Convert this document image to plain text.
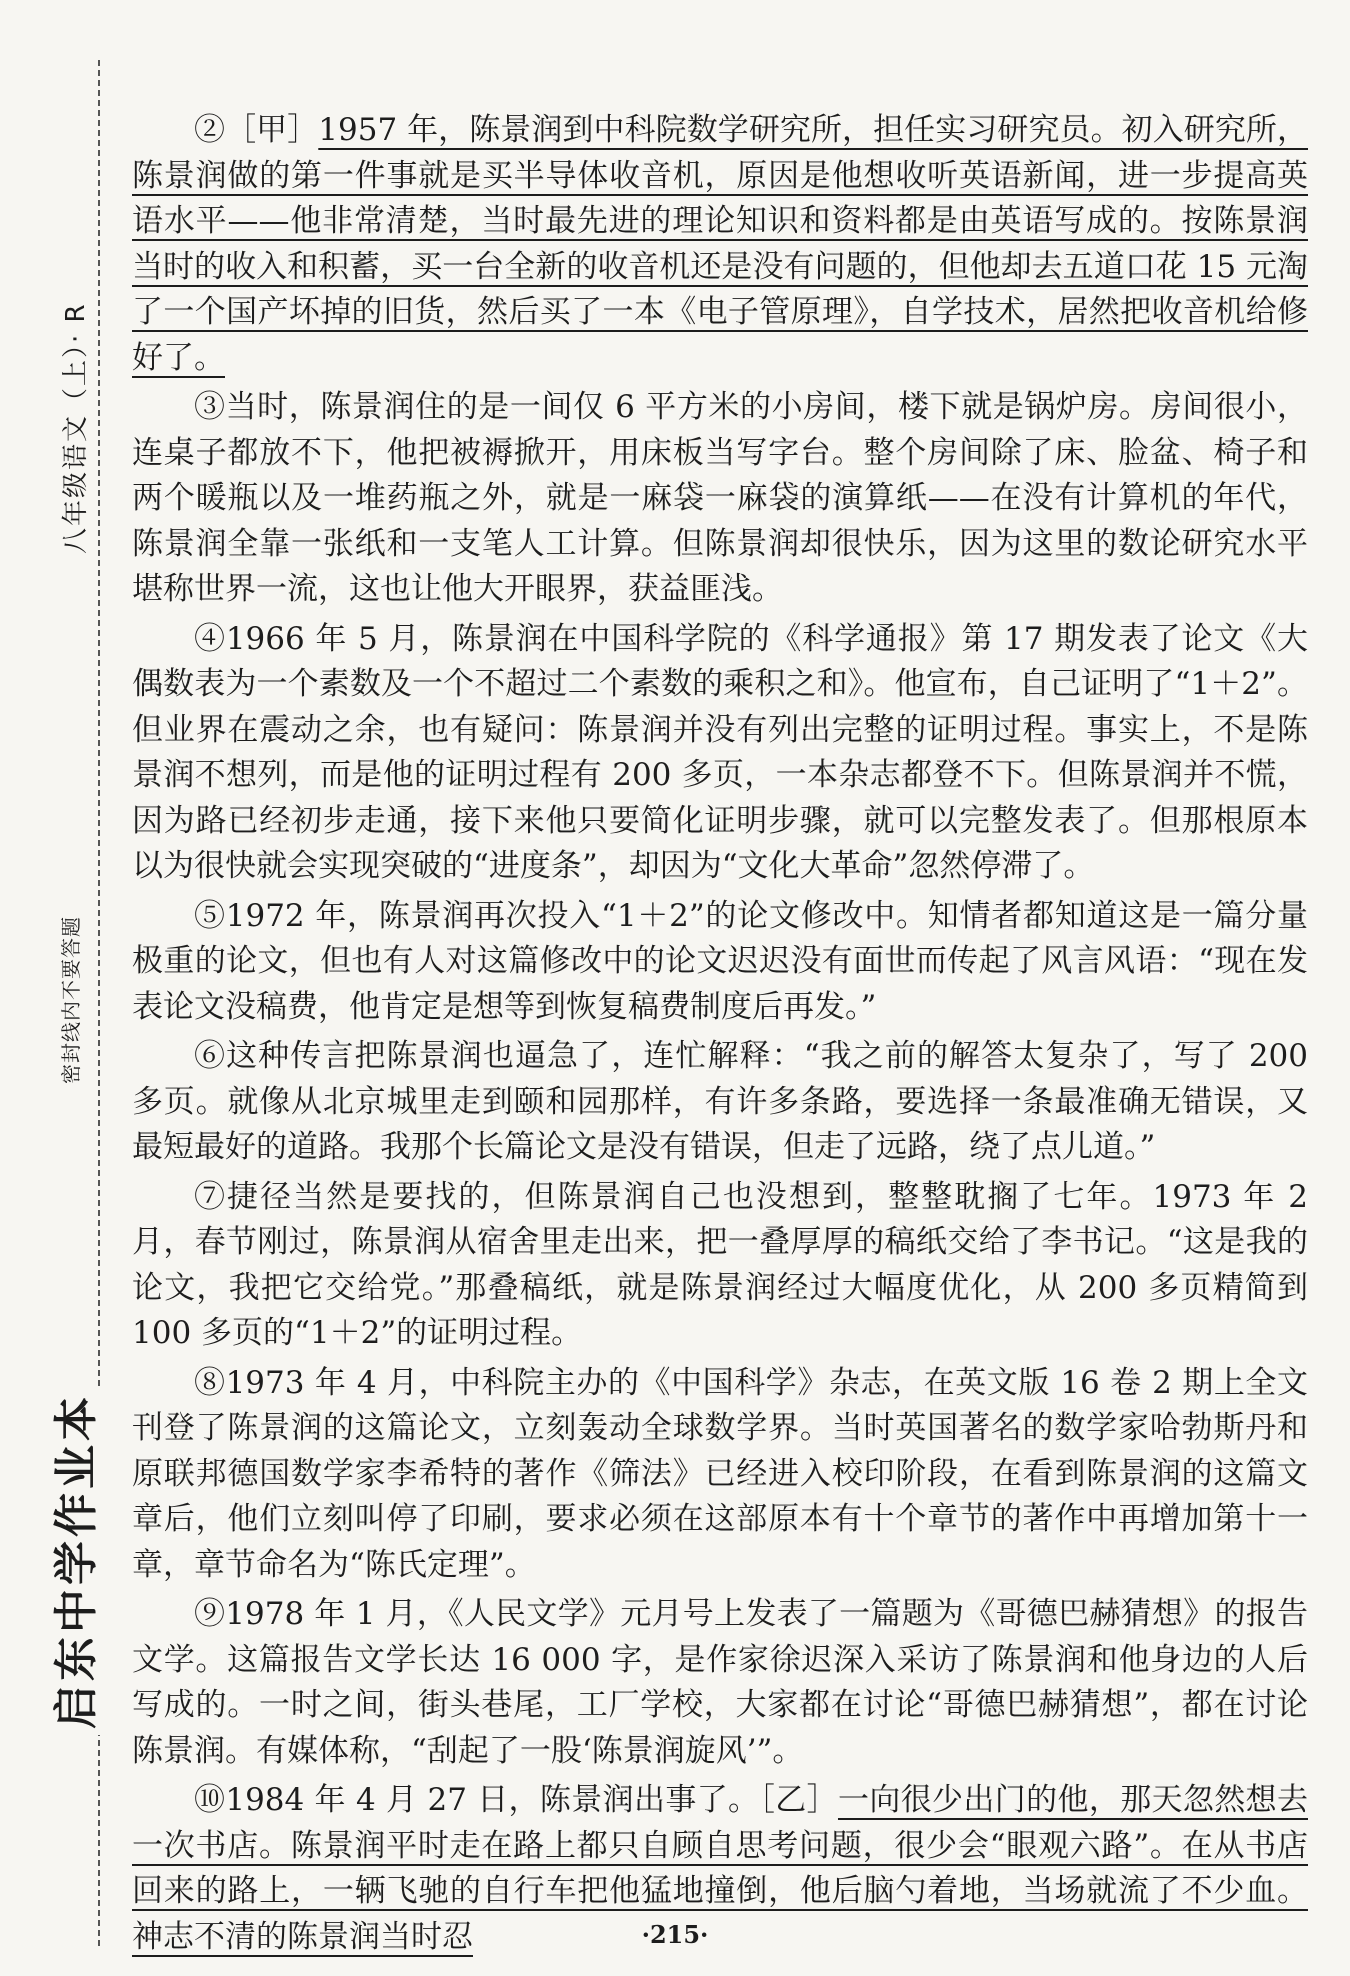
八年级语文（上）· R
密封线内不要答题
启东中学作业本

②［甲］1957 年，陈景润到中科院数学研究所，担任实习研究员。初入研究所，陈景润做的第一件事就是买半导体收音机，原因是他想收听英语新闻，进一步提高英语水平——他非常清楚，当时最先进的理论知识和资料都是由英语写成的。按陈景润当时的收入和积蓄，买一台全新的收音机还是没有问题的，但他却去五道口花 15 元淘了一个国产坏掉的旧货，然后买了一本《电子管原理》，自学技术，居然把收音机给修好了。

③当时，陈景润住的是一间仅 6 平方米的小房间，楼下就是锅炉房。房间很小，连桌子都放不下，他把被褥掀开，用床板当写字台。整个房间除了床、脸盆、椅子和两个暖瓶以及一堆药瓶之外，就是一麻袋一麻袋的演算纸——在没有计算机的年代，陈景润全靠一张纸和一支笔人工计算。但陈景润却很快乐，因为这里的数论研究水平堪称世界一流，这也让他大开眼界，获益匪浅。

④1966 年 5 月，陈景润在中国科学院的《科学通报》第 17 期发表了论文《大偶数表为一个素数及一个不超过二个素数的乘积之和》。他宣布，自己证明了“1＋2”。但业界在震动之余，也有疑问：陈景润并没有列出完整的证明过程。事实上，不是陈景润不想列，而是他的证明过程有 200 多页，一本杂志都登不下。但陈景润并不慌，因为路已经初步走通，接下来他只要简化证明步骤，就可以完整发表了。但那根原本以为很快就会实现突破的“进度条”，却因为“文化大革命”忽然停滞了。

⑤1972 年，陈景润再次投入“1＋2”的论文修改中。知情者都知道这是一篇分量极重的论文，但也有人对这篇修改中的论文迟迟没有面世而传起了风言风语：“现在发表论文没稿费，他肯定是想等到恢复稿费制度后再发。”

⑥这种传言把陈景润也逼急了，连忙解释：“我之前的解答太复杂了，写了 200 多页。就像从北京城里走到颐和园那样，有许多条路，要选择一条最准确无错误，又最短最好的道路。我那个长篇论文是没有错误，但走了远路，绕了点儿道。”

⑦捷径当然是要找的，但陈景润自己也没想到，整整耽搁了七年。1973 年 2 月，春节刚过，陈景润从宿舍里走出来，把一叠厚厚的稿纸交给了李书记。“这是我的论文，我把它交给党。”那叠稿纸，就是陈景润经过大幅度优化，从 200 多页精简到 100 多页的“1＋2”的证明过程。

⑧1973 年 4 月，中科院主办的《中国科学》杂志，在英文版 16 卷 2 期上全文刊登了陈景润的这篇论文，立刻轰动全球数学界。当时英国著名的数学家哈勃斯丹和原联邦德国数学家李希特的著作《筛法》已经进入校印阶段，在看到陈景润的这篇文章后，他们立刻叫停了印刷，要求必须在这部原本有十个章节的著作中再增加第十一章，章节命名为“陈氏定理”。

⑨1978 年 1 月，《人民文学》元月号上发表了一篇题为《哥德巴赫猜想》的报告文学。这篇报告文学长达 16 000 字，是作家徐迟深入采访了陈景润和他身边的人后写成的。一时之间，街头巷尾，工厂学校，大家都在讨论“哥德巴赫猜想”，都在讨论陈景润。有媒体称，“刮起了一股‘陈景润旋风’”。

⑩1984 年 4 月 27 日，陈景润出事了。［乙］一向很少出门的他，那天忽然想去一次书店。陈景润平时走在路上都只自顾自思考问题，很少会“眼观六路”。在从书店回来的路上，一辆飞驰的自行车把他猛地撞倒，他后脑勺着地，当场就流了不少血。神志不清的陈景润当时忍	·215·
